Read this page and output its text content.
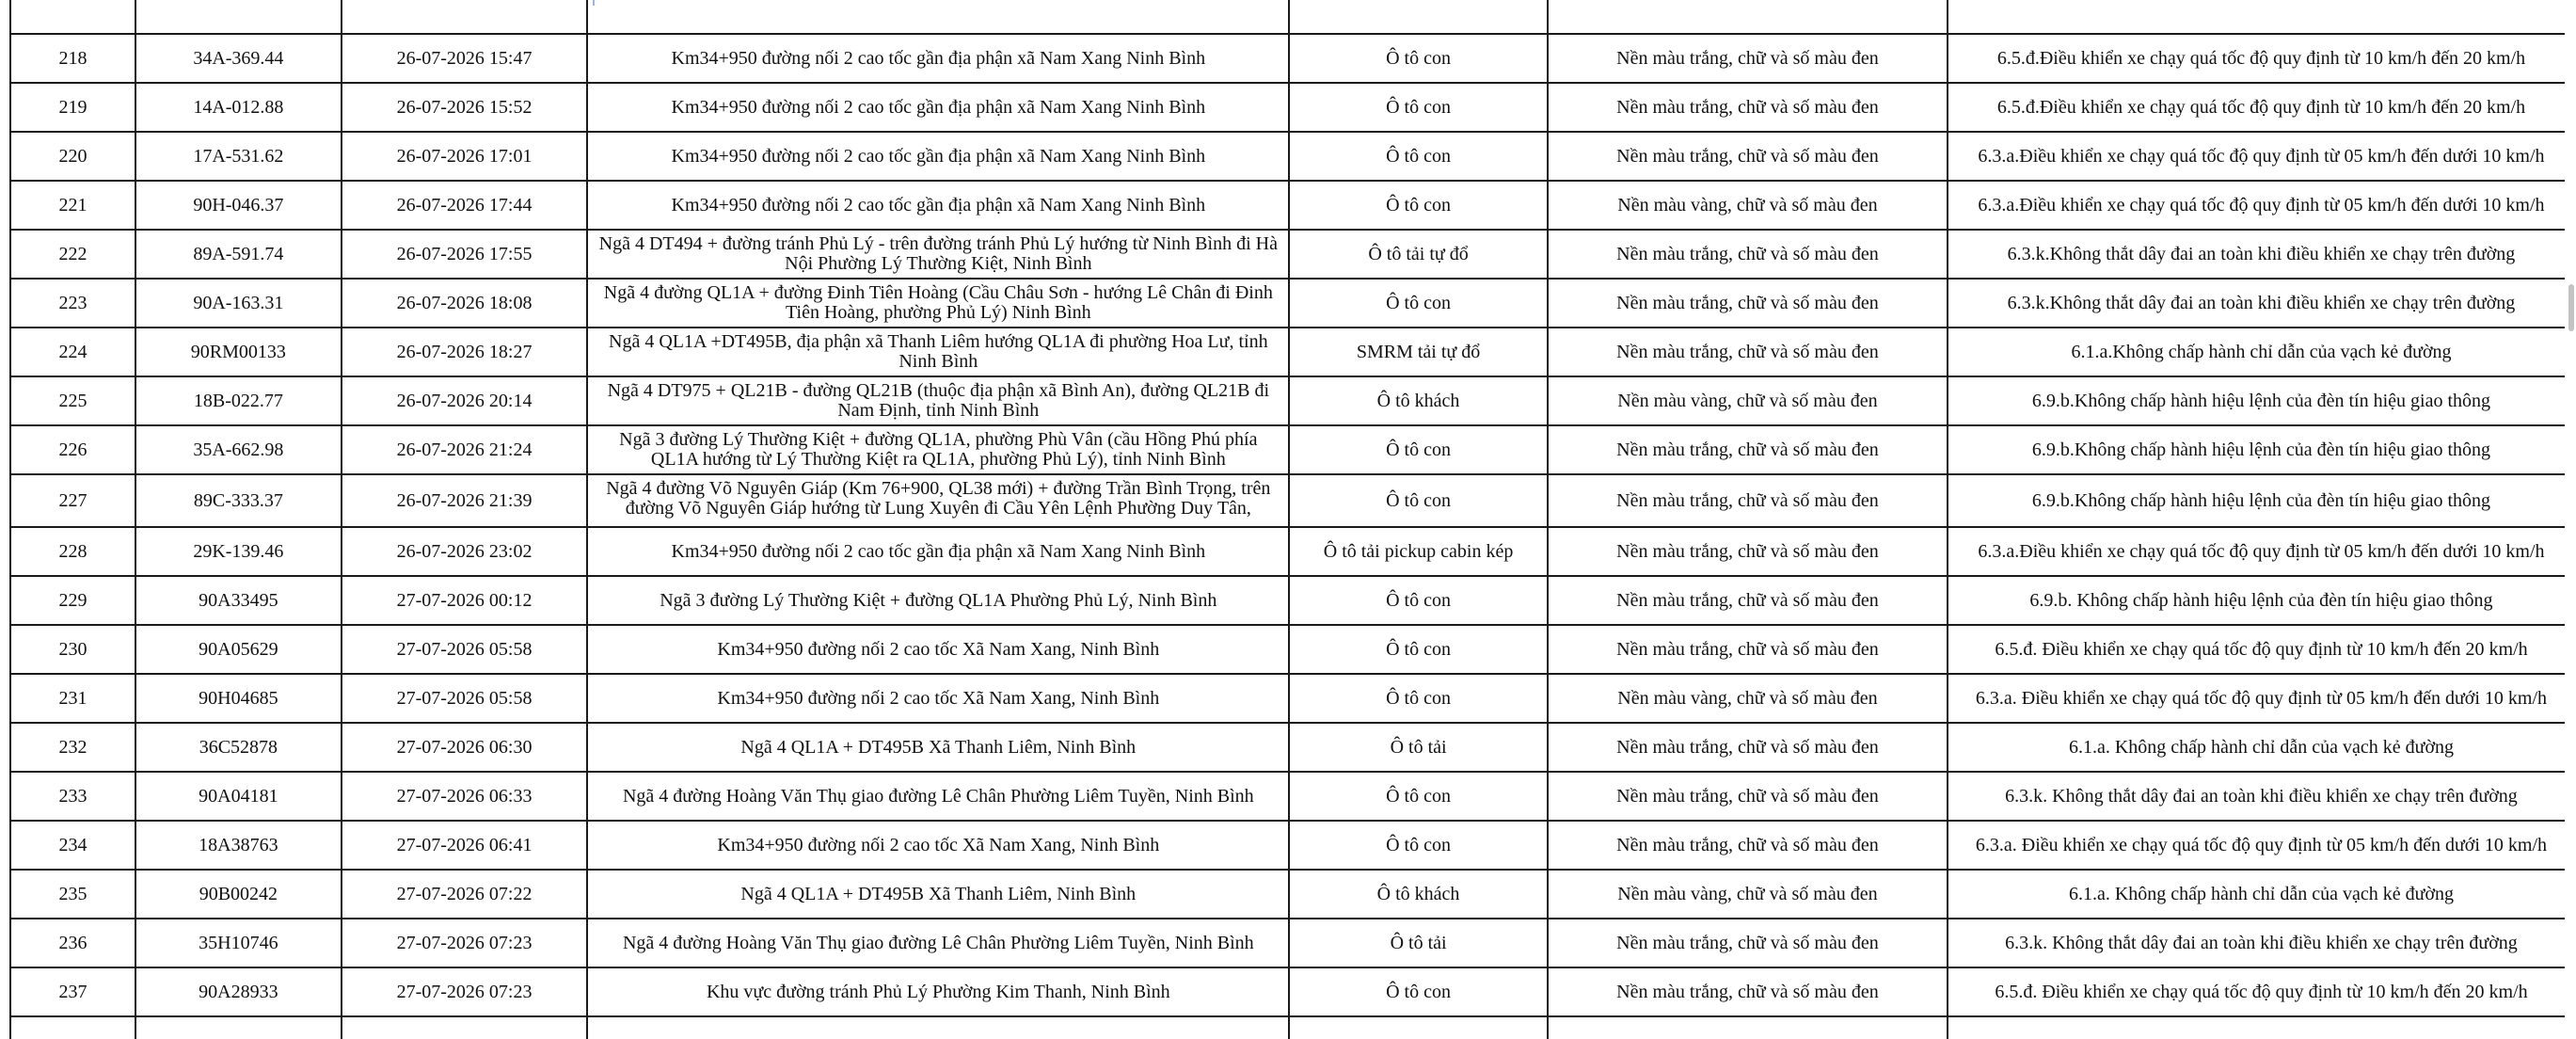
218	34A-369.44	26-07-2026 15:47	Km34+950 đường nối 2 cao tốc gần địa phận xã Nam Xang Ninh Bình	Ô tô con	Nền màu trắng, chữ và số màu đen	6.5.đ.Điều khiển xe chạy quá tốc độ quy định từ 10 km/h đến 20 km/h
219	14A-012.88	26-07-2026 15:52	Km34+950 đường nối 2 cao tốc gần địa phận xã Nam Xang Ninh Bình	Ô tô con	Nền màu trắng, chữ và số màu đen	6.5.đ.Điều khiển xe chạy quá tốc độ quy định từ 10 km/h đến 20 km/h
220	17A-531.62	26-07-2026 17:01	Km34+950 đường nối 2 cao tốc gần địa phận xã Nam Xang Ninh Bình	Ô tô con	Nền màu trắng, chữ và số màu đen	6.3.a.Điều khiển xe chạy quá tốc độ quy định từ 05 km/h đến dưới 10 km/h
221	90H-046.37	26-07-2026 17:44	Km34+950 đường nối 2 cao tốc gần địa phận xã Nam Xang Ninh Bình	Ô tô con	Nền màu vàng, chữ và số màu đen	6.3.a.Điều khiển xe chạy quá tốc độ quy định từ 05 km/h đến dưới 10 km/h
222	89A-591.74	26-07-2026 17:55	Ngã 4 DT494 + đường tránh Phủ Lý - trên đường tránh Phủ Lý hướng từ Ninh Bình đi Hà Nội Phường Lý Thường Kiệt, Ninh Bình	Ô tô tải tự đổ	Nền màu trắng, chữ và số màu đen	6.3.k.Không thắt dây đai an toàn khi điều khiển xe chạy trên đường
223	90A-163.31	26-07-2026 18:08	Ngã 4 đường QL1A + đường Đinh Tiên Hoàng (Cầu Châu Sơn - hướng Lê Chân đi Đinh Tiên Hoàng, phường Phủ Lý) Ninh Bình	Ô tô con	Nền màu trắng, chữ và số màu đen	6.3.k.Không thắt dây đai an toàn khi điều khiển xe chạy trên đường
224	90RM00133	26-07-2026 18:27	Ngã 4 QL1A +DT495B, địa phận xã Thanh Liêm hướng QL1A đi phường Hoa Lư, tỉnh Ninh Bình	SMRM tải tự đổ	Nền màu trắng, chữ và số màu đen	6.1.a.Không chấp hành chỉ dẫn của vạch kẻ đường
225	18B-022.77	26-07-2026 20:14	Ngã 4 DT975 + QL21B - đường QL21B (thuộc địa phận xã Bình An), đường QL21B đi Nam Định, tỉnh Ninh Bình	Ô tô khách	Nền màu vàng, chữ và số màu đen	6.9.b.Không chấp hành hiệu lệnh của đèn tín hiệu giao thông
226	35A-662.98	26-07-2026 21:24	Ngã 3 đường Lý Thường Kiệt + đường QL1A, phường Phù Vân (cầu Hồng Phú phía QL1A hướng từ Lý Thường Kiệt ra QL1A, phường Phủ Lý), tỉnh Ninh Bình	Ô tô con	Nền màu trắng, chữ và số màu đen	6.9.b.Không chấp hành hiệu lệnh của đèn tín hiệu giao thông
227	89C-333.37	26-07-2026 21:39	Ngã 4 đường Võ Nguyên Giáp (Km 76+900, QL38 mới) + đường Trần Bình Trọng, trên đường Võ Nguyên Giáp hướng từ Lung Xuyên đi Cầu Yên Lệnh Phường Duy Tân,	Ô tô con	Nền màu trắng, chữ và số màu đen	6.9.b.Không chấp hành hiệu lệnh của đèn tín hiệu giao thông
228	29K-139.46	26-07-2026 23:02	Km34+950 đường nối 2 cao tốc gần địa phận xã Nam Xang Ninh Bình	Ô tô tải pickup cabin kép	Nền màu trắng, chữ và số màu đen	6.3.a.Điều khiển xe chạy quá tốc độ quy định từ 05 km/h đến dưới 10 km/h
229	90A33495	27-07-2026 00:12	Ngã 3 đường Lý Thường Kiệt + đường QL1A Phường Phủ Lý, Ninh Bình	Ô tô con	Nền màu trắng, chữ và số màu đen	6.9.b. Không chấp hành hiệu lệnh của đèn tín hiệu giao thông
230	90A05629	27-07-2026 05:58	Km34+950 đường nối 2 cao tốc Xã Nam Xang, Ninh Bình	Ô tô con	Nền màu trắng, chữ và số màu đen	6.5.đ. Điều khiển xe chạy quá tốc độ quy định từ 10 km/h đến 20 km/h
231	90H04685	27-07-2026 05:58	Km34+950 đường nối 2 cao tốc Xã Nam Xang, Ninh Bình	Ô tô con	Nền màu vàng, chữ và số màu đen	6.3.a. Điều khiển xe chạy quá tốc độ quy định từ 05 km/h đến dưới 10 km/h
232	36C52878	27-07-2026 06:30	Ngã 4 QL1A + DT495B Xã Thanh Liêm, Ninh Bình	Ô tô tải	Nền màu trắng, chữ và số màu đen	6.1.a. Không chấp hành chỉ dẫn của vạch kẻ đường
233	90A04181	27-07-2026 06:33	Ngã 4 đường Hoàng Văn Thụ giao đường Lê Chân Phường Liêm Tuyền, Ninh Bình	Ô tô con	Nền màu trắng, chữ và số màu đen	6.3.k. Không thắt dây đai an toàn khi điều khiển xe chạy trên đường
234	18A38763	27-07-2026 06:41	Km34+950 đường nối 2 cao tốc Xã Nam Xang, Ninh Bình	Ô tô con	Nền màu trắng, chữ và số màu đen	6.3.a. Điều khiển xe chạy quá tốc độ quy định từ 05 km/h đến dưới 10 km/h
235	90B00242	27-07-2026 07:22	Ngã 4 QL1A + DT495B Xã Thanh Liêm, Ninh Bình	Ô tô khách	Nền màu vàng, chữ và số màu đen	6.1.a. Không chấp hành chỉ dẫn của vạch kẻ đường
236	35H10746	27-07-2026 07:23	Ngã 4 đường Hoàng Văn Thụ giao đường Lê Chân Phường Liêm Tuyền, Ninh Bình	Ô tô tải	Nền màu trắng, chữ và số màu đen	6.3.k. Không thắt dây đai an toàn khi điều khiển xe chạy trên đường
237	90A28933	27-07-2026 07:23	Khu vực đường tránh Phủ Lý Phường Kim Thanh, Ninh Bình	Ô tô con	Nền màu trắng, chữ và số màu đen	6.5.đ. Điều khiển xe chạy quá tốc độ quy định từ 10 km/h đến 20 km/h
